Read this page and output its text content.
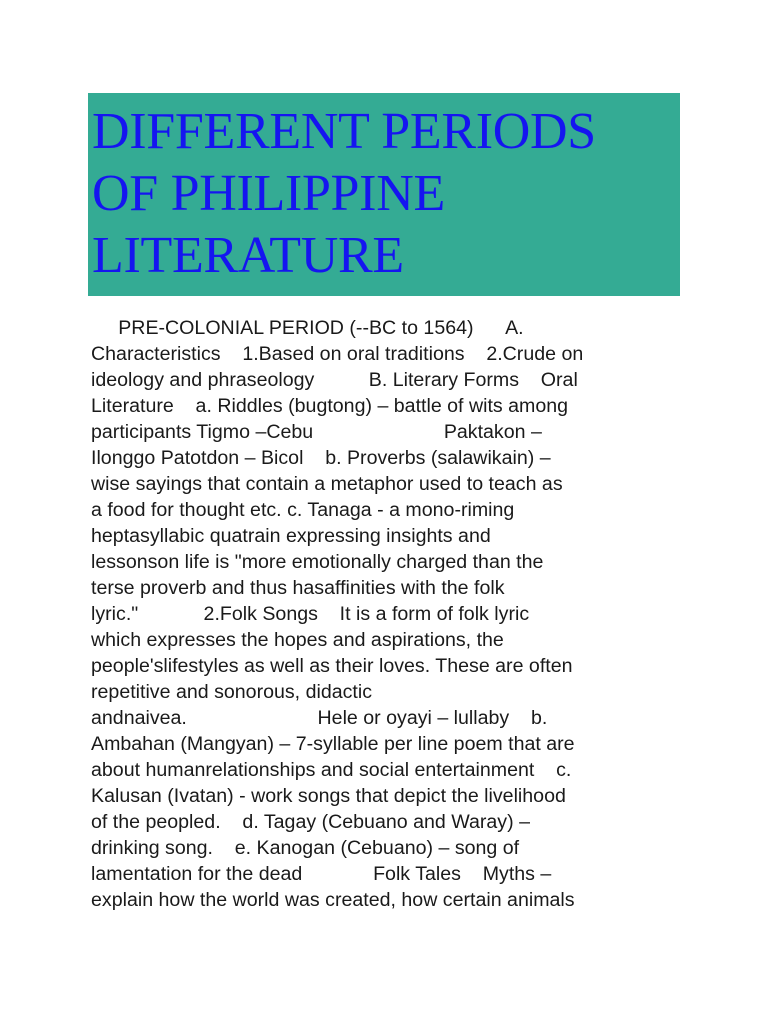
DIFFERENT PERIODS
OF PHILIPPINE
LITERATURE
PRE-COLONIAL PERIOD (--BC to 1564)      A.
Characteristics    1.Based on oral traditions    2.Crude on
ideology and phraseology          B. Literary Forms    Oral
Literature    a. Riddles (bugtong) – battle of wits among
participants Tigmo –Cebu                        Paktakon –
Ilonggo Patotdon – Bicol    b. Proverbs (salawikain) –
wise sayings that contain a metaphor used to teach as
a food for thought etc. c. Tanaga - a mono-riming
heptasyllabic quatrain expressing insights and
lessonson life is "more emotionally charged than the
terse proverb and thus hasaffinities with the folk
lyric."            2.Folk Songs    It is a form of folk lyric
which expresses the hopes and aspirations, the
people'slifestyles as well as their loves. These are often
repetitive and sonorous, didactic
andnaivea.                        Hele or oyayi – lullaby    b.
Ambahan (Mangyan) – 7-syllable per line poem that are
about humanrelationships and social entertainment    c.
Kalusan (Ivatan) - work songs that depict the livelihood
of the peopled.    d. Tagay (Cebuano and Waray) –
drinking song.    e. Kanogan (Cebuano) – song of
lamentation for the dead             Folk Tales    Myths –
explain how the world was created, how certain animals
